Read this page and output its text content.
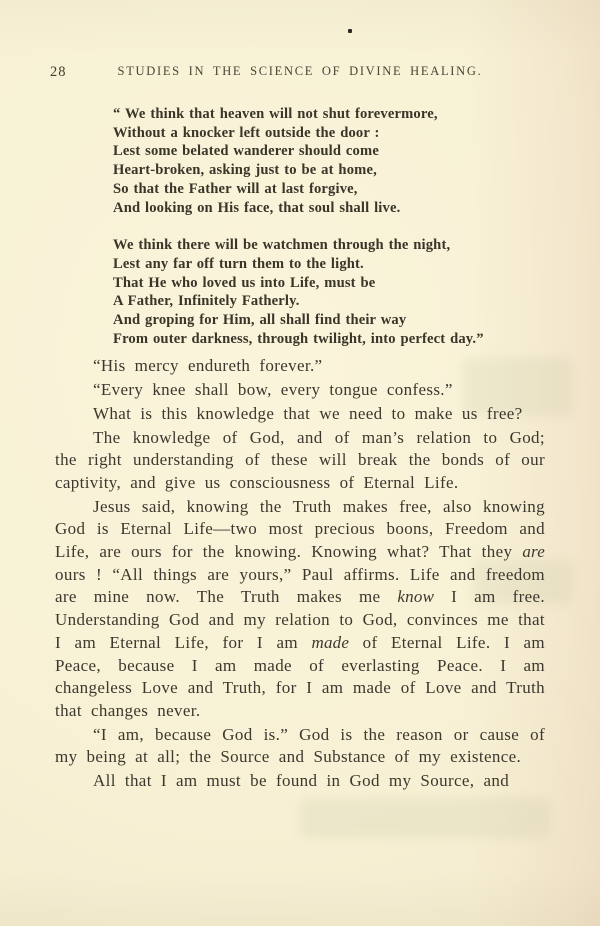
28	STUDIES IN THE SCIENCE OF DIVINE HEALING.
“ We think that heaven will not shut forevermore,
Without a knocker left outside the door :
Lest some belated wanderer should come
Heart-broken, asking just to be at home,
So that the Father will at last forgive,
And looking on His face, that soul shall live.
We think there will be watchmen through the night,
Lest any far off turn them to the light.
That He who loved us into Life, must be
A Father, Infinitely Fatherly.
And groping for Him, all shall find their way
From outer darkness, through twilight, into perfect day.”

“His mercy endureth forever.”

“Every knee shall bow, every tongue confess.”

What is this knowledge that we need to make us free?

The knowledge of God, and of man’s relation to God; the right understanding of these will break the bonds of our captivity, and give us consciousness of Eternal Life.

Jesus said, knowing the Truth makes free, also knowing God is Eternal Life—two most precious boons, Freedom and Life, are ours for the knowing. Knowing what? That they are ours ! “All things are yours,” Paul affirms. Life and freedom are mine now. The Truth makes me know I am free. Understanding God and my relation to God, convinces me that I am Eternal Life, for I am made of Eternal Life. I am Peace, because I am made of everlasting Peace. I am changeless Love and Truth, for I am made of Love and Truth that changes never.

“I am, because God is.” God is the reason or cause of my being at all; the Source and Substance of my existence.

All that I am must be found in God my Source, and
